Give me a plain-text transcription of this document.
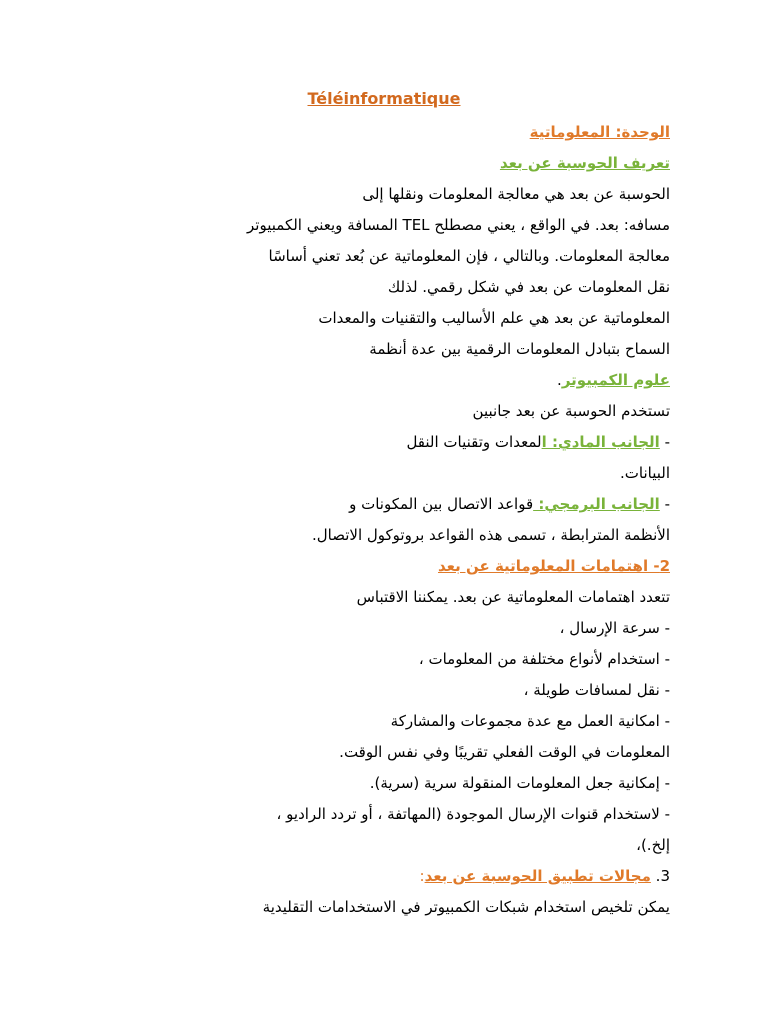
Téléinformatique
الوحدة: المعلوماتية
تعريف الحوسبة عن بعد
الحوسبة عن بعد هي معالجة المعلومات ونقلها إلى
مسافه: بعد. في الواقع ، يعني مصطلح TEL المسافة ويعني الكمبيوتر
معالجة المعلومات. وبالتالي ، فإن المعلوماتية عن بُعد تعني أساسًا
نقل المعلومات عن بعد في شكل رقمي. لذلك
المعلوماتية عن بعد هي علم الأساليب والتقنيات والمعدات
السماح بتبادل المعلومات الرقمية بين عدة أنظمة
علوم الكمبيوتر.
تستخدم الحوسبة عن بعد جانبين
- الجانب المادي: المعدات وتقنيات النقل
البيانات.
- الجانب البرمجي: قواعد الاتصال بين المكونات و
الأنظمة المترابطة ، تسمى هذه القواعد بروتوكول الاتصال.
2- اهتمامات المعلوماتية عن بعد
تتعدد اهتمامات المعلوماتية عن بعد. يمكننا الاقتباس
- سرعة الإرسال ،
- استخدام لأنواع مختلفة من المعلومات ،
- نقل لمسافات طويلة ،
- امكانية العمل مع عدة مجموعات والمشاركة
المعلومات في الوقت الفعلي تقريبًا وفي نفس الوقت.
- إمكانية جعل المعلومات المنقولة سرية (سرية).
- لاستخدام قنوات الإرسال الموجودة (المهاتفة ، أو تردد الراديو ،
إلخ.)،
3. مجالات تطبيق الحوسبة عن بعد:
يمكن تلخيص استخدام شبكات الكمبيوتر في الاستخدامات التقليدية
